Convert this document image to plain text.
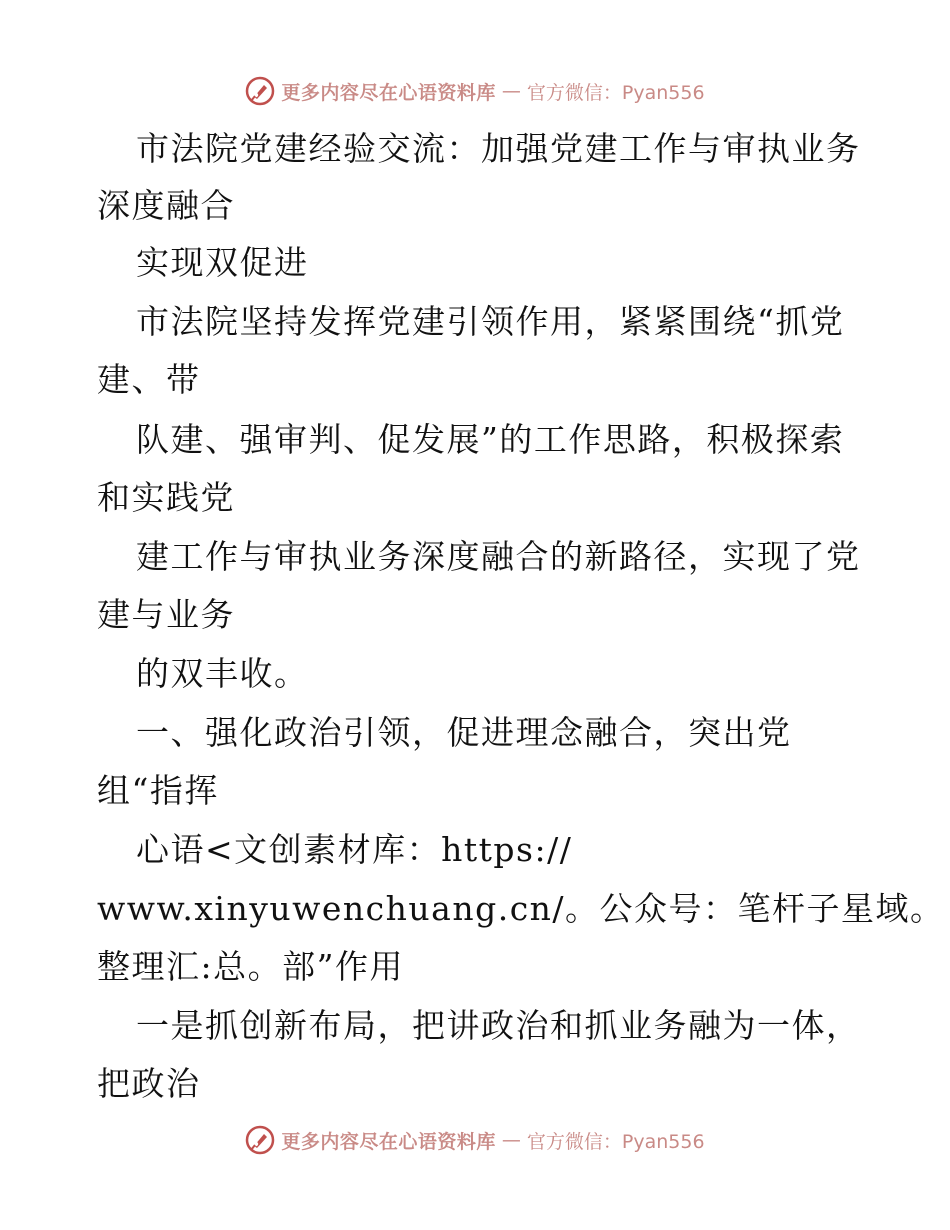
更多内容尽在心语资料库 — 官方微信：Pyan556
市法院党建经验交流：加强党建工作与审执业务
深度融合
实现双促进
市法院坚持发挥党建引领作用，紧紧围绕“抓党
建、带
队建、强审判、促发展”的工作思路，积极探索
和实践党
建工作与审执业务深度融合的新路径，实现了党
建与业务
的双丰收。
一、强化政治引领，促进理念融合，突出党
组“指挥
心语<文创素材库：https://
www.xinyuwenchuang.cn/。公众号：笔杆子星域。
整理汇:总。部”作用
一是抓创新布局，把讲政治和抓业务融为一体，
把政治
更多内容尽在心语资料库 — 官方微信：Pyan556
